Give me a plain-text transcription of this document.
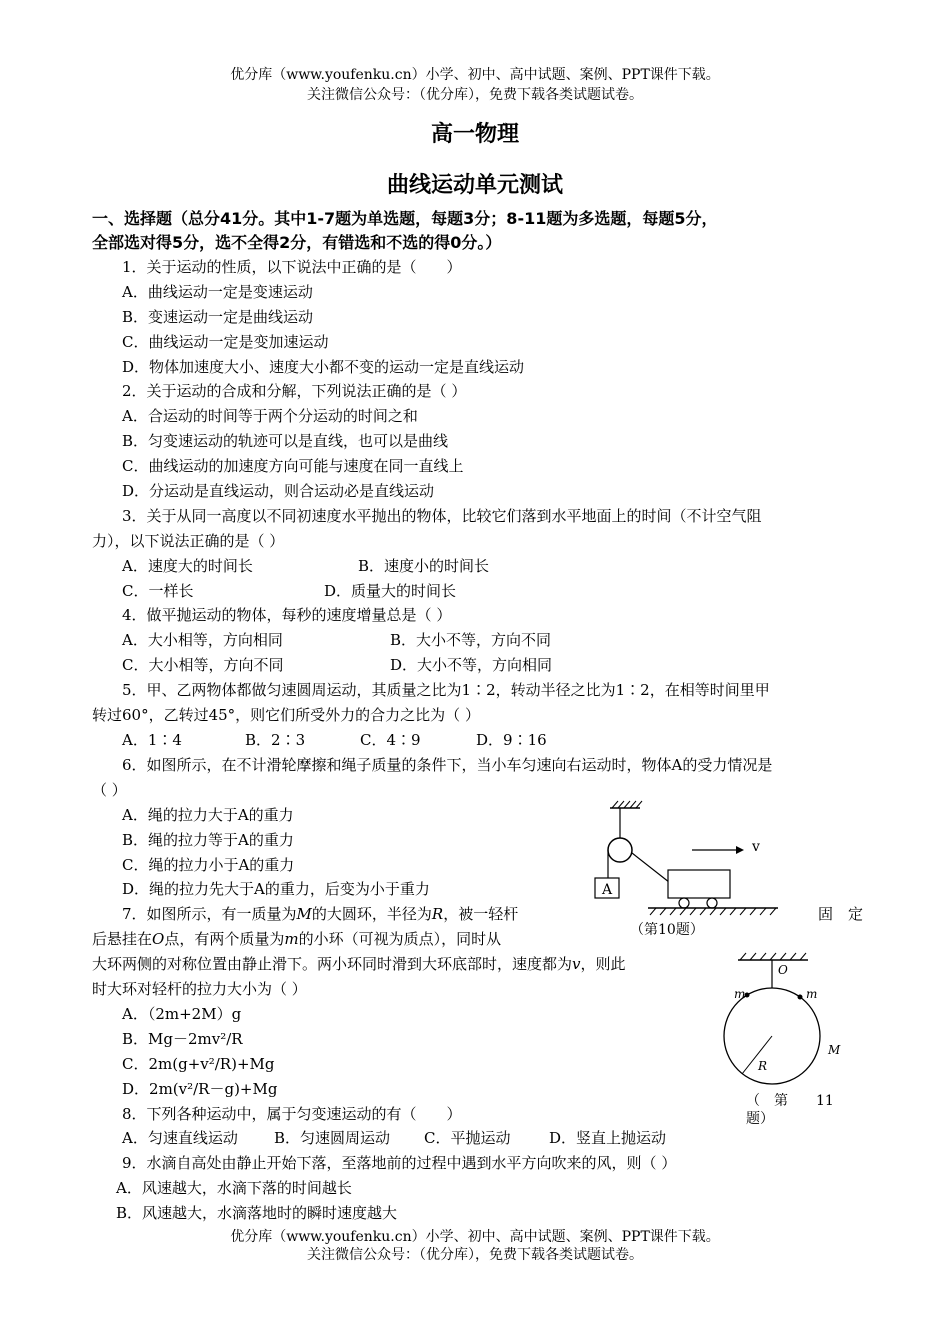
优分库（www.youfenku.cn）小学、初中、高中试题、案例、PPT课件下载。
关注微信公众号：（优分库），免费下载各类试题试卷。
高一物理
曲线运动单元测试
一、选择题（总分41分。其中1-7题为单选题，每题3分；8-11题为多选题，每题5分，
全部选对得5分，选不全得2分，有错选和不选的得0分。）
1．关于运动的性质，以下说法中正确的是（　　）
A．曲线运动一定是变速运动
B．变速运动一定是曲线运动
C．曲线运动一定是变加速运动
D．物体加速度大小、速度大小都不变的运动一定是直线运动
2．关于运动的合成和分解，下列说法正确的是（ ）
A．合运动的时间等于两个分运动的时间之和
B．匀变速运动的轨迹可以是直线，也可以是曲线
C．曲线运动的加速度方向可能与速度在同一直线上
D．分运动是直线运动，则合运动必是直线运动
3．关于从同一高度以不同初速度水平抛出的物体，比较它们落到水平地面上的时间（不计空气阻
力），以下说法正确的是（ ）
A．速度大的时间长	B．速度小的时间长
C．一样长	D．质量大的时间长
4．做平抛运动的物体，每秒的速度增量总是（ ）
A．大小相等，方向相同	B．大小不等，方向不同
C．大小相等，方向不同	D．大小不等，方向相同
5．甲、乙两物体都做匀速圆周运动，其质量之比为1∶2，转动半径之比为1∶2，在相等时间里甲
转过60°，乙转过45°，则它们所受外力的合力之比为（ ）
A．1∶4	B．2∶3	C．4∶9	D．9∶16
6．如图所示，在不计滑轮摩擦和绳子质量的条件下，当小车匀速向右运动时，物体A的受力情况是
（ ）
A．绳的拉力大于A的重力
B．绳的拉力等于A的重力
C．绳的拉力小于A的重力
D．绳的拉力先大于A的重力，后变为小于重力
7．如图所示，有一质量为M的大圆环，半径为R，被一轻杆	固　定
后悬挂在O点，有两个质量为m的小环（可视为质点），同时从
大环两侧的对称位置由静止滑下。两小环同时滑到大环底部时，速度都为v，则此
时大环对轻杆的拉力大小为（ ）
A．（2m+2M）g
B．Mg－2mv²/R
C．2m(g+v²/R)+Mg
D．2m(v²/R－g)+Mg
8．下列各种运动中，属于匀变速运动的有（　　）
A．匀速直线运动 B．匀速圆周运动 C．平抛运动	D．竖直上抛运动
9．水滴自高处由静止开始下落，至落地前的过程中遇到水平方向吹来的风，则（ ）
A．风速越大，水滴下落的时间越长
B．风速越大，水滴落地时的瞬时速度越大
A
v
（第10题）
O
m	m
R
M
（　第　　11
题）
优分库（www.youfenku.cn）小学、初中、高中试题、案例、PPT课件下载。
关注微信公众号：（优分库），免费下载各类试题试卷。
